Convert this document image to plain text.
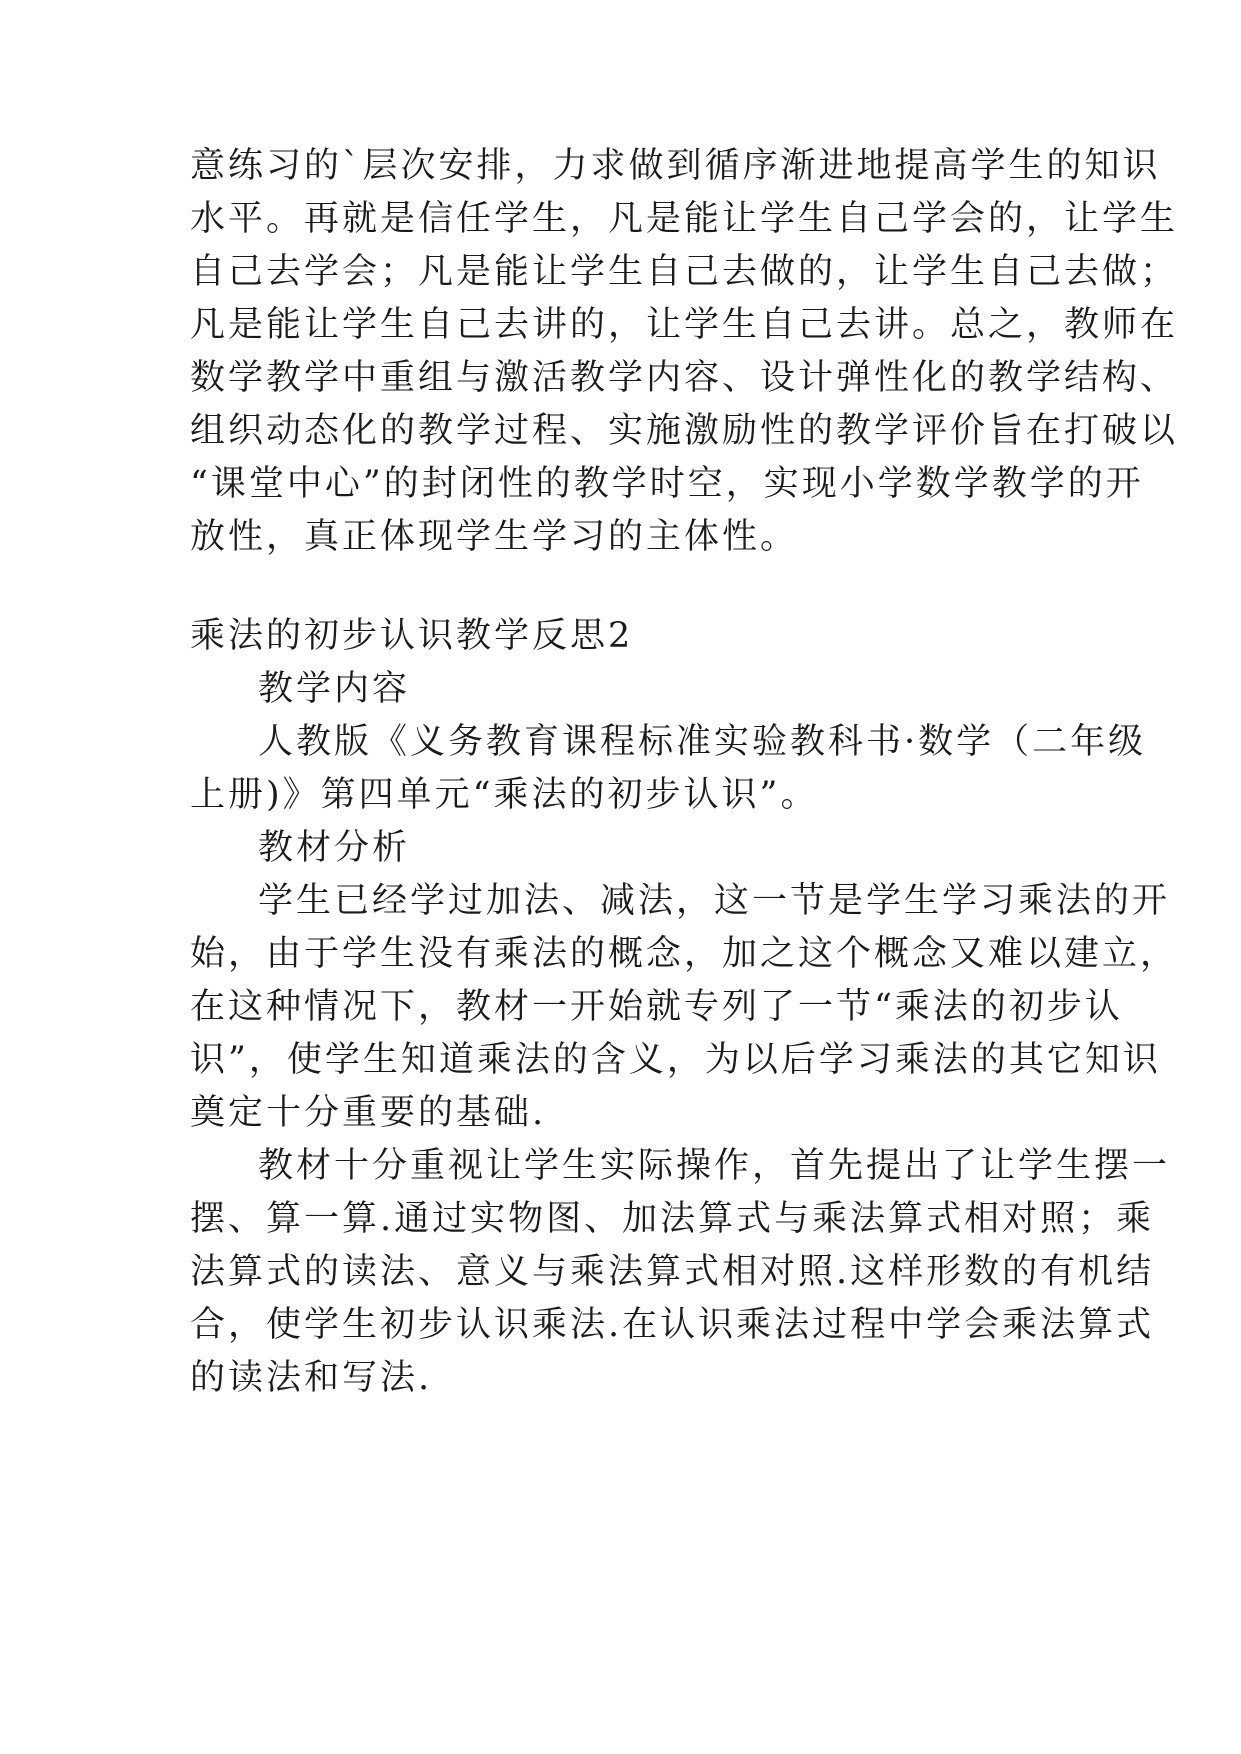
意练习的`层次安排，力求做到循序渐进地提高学生的知识
水平。再就是信任学生，凡是能让学生自己学会的，让学生
自己去学会；凡是能让学生自己去做的，让学生自己去做；
凡是能让学生自己去讲的，让学生自己去讲。总之，教师在
数学教学中重组与激活教学内容、设计弹性化的教学结构、
组织动态化的教学过程、实施激励性的教学评价旨在打破以
“课堂中心”的封闭性的教学时空，实现小学数学教学的开
放性，真正体现学生学习的主体性。
乘法的初步认识教学反思2
教学内容
人教版《义务教育课程标准实验教科书·数学（二年级
上册)》第四单元“乘法的初步认识”。
教材分析
学生已经学过加法、减法，这一节是学生学习乘法的开
始，由于学生没有乘法的概念，加之这个概念又难以建立，
在这种情况下，教材一开始就专列了一节“乘法的初步认
识”，使学生知道乘法的含义，为以后学习乘法的其它知识
奠定十分重要的基础.
教材十分重视让学生实际操作，首先提出了让学生摆一
摆、算一算.通过实物图、加法算式与乘法算式相对照；乘
法算式的读法、意义与乘法算式相对照.这样形数的有机结
合，使学生初步认识乘法.在认识乘法过程中学会乘法算式
的读法和写法.
